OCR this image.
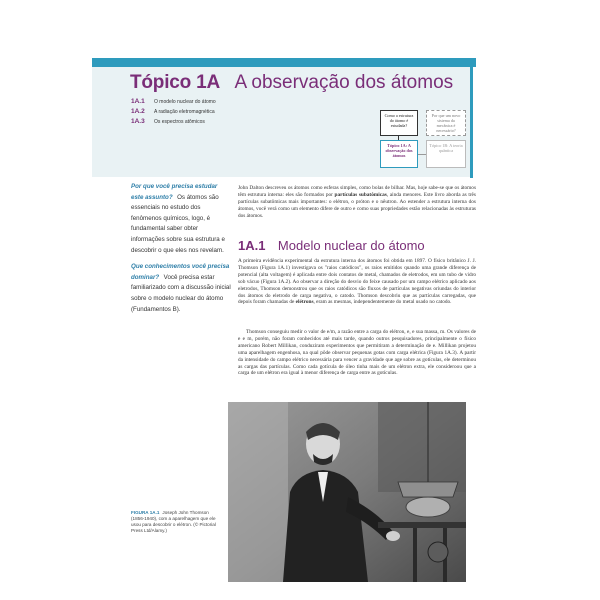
Tópico 1A A observação dos átomos
1A.1	O modelo nuclear do átomo
1A.2	A radiação eletromagnética
1A.3	Os espectros atômicos
Como a estrutura do átomo é estudada?
Tópico 1A: A observação dos átomos
Por que um novo sistema da mecânica é necessário?
Tópico 1B: A teoria quântica
Por que você precisa estudar este assunto? Os átomos são essenciais no estudo dos fenômenos químicos, logo, é fundamental saber obter informações sobre sua estrutura e descobrir o que eles nos revelam.
Que conhecimentos você precisa dominar? Você precisa estar familiarizado com a discussão inicial sobre o modelo nuclear do átomo (Fundamentos B).
John Dalton descreveu os átomos como esferas simples, como bolas de bilhar. Mas, hoje sabe-se que os átomos têm estrutura interna: eles são formados por partículas subatômicas, ainda menores. Este livro aborda as três partículas subatômicas mais importantes: o elétron, o próton e o nêutron. Ao estender a estrutura interna dos átomos, você verá como um elemento difere de outro e como suas propriedades estão relacionadas às estruturas dos átomos.
1A.1 Modelo nuclear do átomo
A primeira evidência experimental da estrutura interna dos átomos foi obtida em 1897. O físico britânico J. J. Thomson (Figura 1A.1) investigava os "raios catódicos", os raios emitidos quando uma grande diferença de potencial (alta voltagem) é aplicada entre dois contatos de metal, chamados de eletrodos, em um tubo de vidro sob vácuo (Figura 1A.2). Ao observar a direção do desvio do feixe causado por um campo elétrico aplicado aos eletrodos, Thomson demonstrou que os raios catódicos são fluxos de partículas negativas oriundas do interior dos átomos do eletrodo de carga negativa, o catodo. Thomson descobriu que as partículas carregadas, que depois foram chamadas de elétrons, eram as mesmas, independentemente do metal usado no catodo.
Thomson conseguiu medir o valor de e/m, a razão entre a carga do elétron, e, e sua massa, m. Os valores de e e m, porém, não foram conhecidos até mais tarde, quando outros pesquisadores, principalmente o físico americano Robert Millikan, conduziram experimentos que permitiram a determinação de e. Millikan projetou uma aparelhagem engenhosa, na qual pôde observar pequenas gotas com carga elétrica (Figura 1A.3). A partir da intensidade do campo elétrico necessária para vencer a gravidade que age sobre as gotículas, ele determinou as cargas das partículas. Como cada gotícula de óleo tinha mais de um elétron extra, ele consideroou que a carga de um elétron era igual à menor diferença de carga entre as gotículas.
FIGURA 1A.1 Joseph John Thomson (1856-1940), com a aparelhagem que ele usou para descobrir o elétron. (© Pictorial Press Ltd/Alamy.)
